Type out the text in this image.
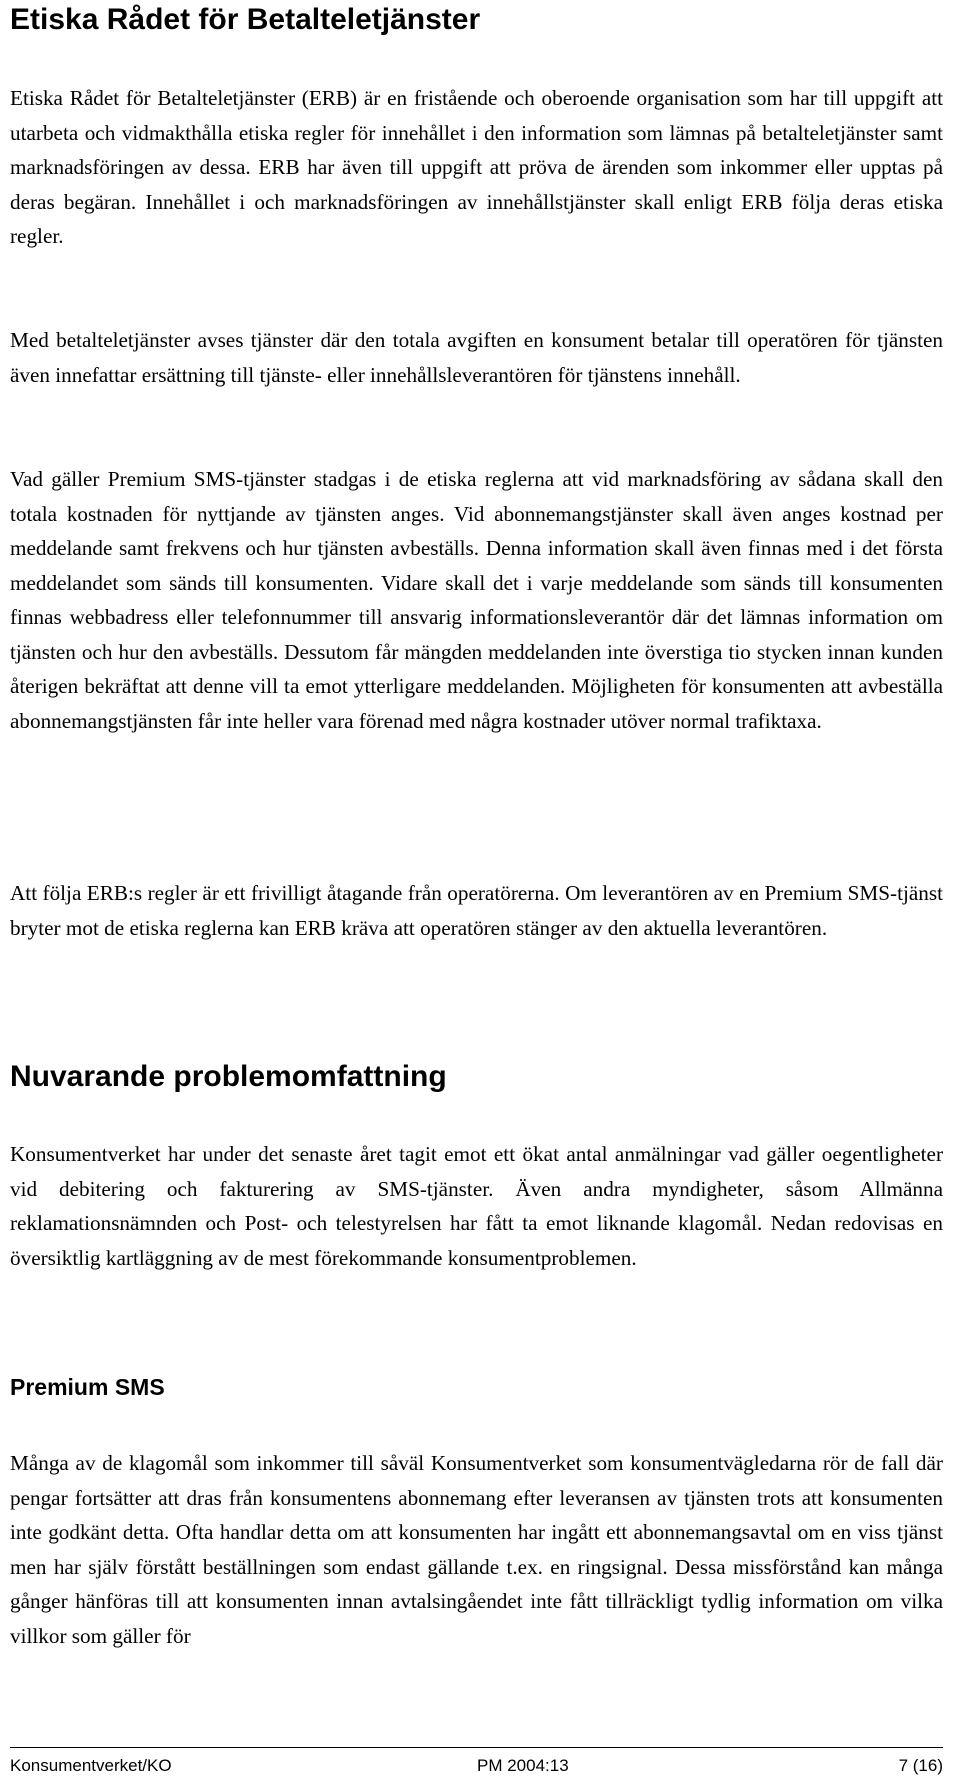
Etiska Rådet för Betalteletjänster

Etiska Rådet för Betalteletjänster (ERB) är en fristående och oberoende organisation som har till uppgift att utarbeta och vidmakthålla etiska regler för innehållet i den information som lämnas på betalteletjänster samt marknadsföringen av dessa. ERB har även till uppgift att pröva de ärenden som inkommer eller upptas på deras begäran. Innehållet i och marknadsföringen av innehållstjänster skall enligt ERB följa deras etiska regler.

Med betalteletjänster avses tjänster där den totala avgiften en konsument betalar till operatören för tjänsten även innefattar ersättning till tjänste- eller innehållsleverantören för tjänstens innehåll.

Vad gäller Premium SMS-tjänster stadgas i de etiska reglerna att vid marknadsföring av sådana skall den totala kostnaden för nyttjande av tjänsten anges. Vid abonnemangstjänster skall även anges kostnad per meddelande samt frekvens och hur tjänsten avbeställs. Denna information skall även finnas med i det första meddelandet som sänds till konsumenten. Vidare skall det i varje meddelande som sänds till konsumenten finnas webbadress eller telefonnummer till ansvarig informationsleverantör där det lämnas information om tjänsten och hur den avbeställs. Dessutom får mängden meddelanden inte överstiga tio stycken innan kunden återigen bekräftat att denne vill ta emot ytterligare meddelanden. Möjligheten för konsumenten att avbeställa abonnemangstjänsten får inte heller vara förenad med några kostnader utöver normal trafiktaxa.

Att följa ERB:s regler är ett frivilligt åtagande från operatörerna. Om leverantören av en Premium SMS-tjänst bryter mot de etiska reglerna kan ERB kräva att operatören stänger av den aktuella leverantören.

Nuvarande problemomfattning

Konsumentverket har under det senaste året tagit emot ett ökat antal anmälningar vad gäller oegentligheter vid debitering och fakturering av SMS-tjänster. Även andra myndigheter, såsom Allmänna reklamationsnämnden och Post- och telestyrelsen har fått ta emot liknande klagomål. Nedan redovisas en översiktlig kartläggning av de mest förekommande konsumentproblemen.

Premium SMS

Många av de klagomål som inkommer till såväl Konsumentverket som konsumentvägledarna rör de fall där pengar fortsätter att dras från konsumentens abonnemang efter leveransen av tjänsten trots att konsumenten inte godkänt detta. Ofta handlar detta om att konsumenten har ingått ett abonnemangsavtal om en viss tjänst men har själv förstått beställningen som endast gällande t.ex. en ringsignal. Dessa missförstånd kan många gånger hänföras till att konsumenten innan avtalsingåendet inte fått tillräckligt tydlig information om vilka villkor som gäller för

Konsumentverket/KO	PM 2004:13	7 (16)
